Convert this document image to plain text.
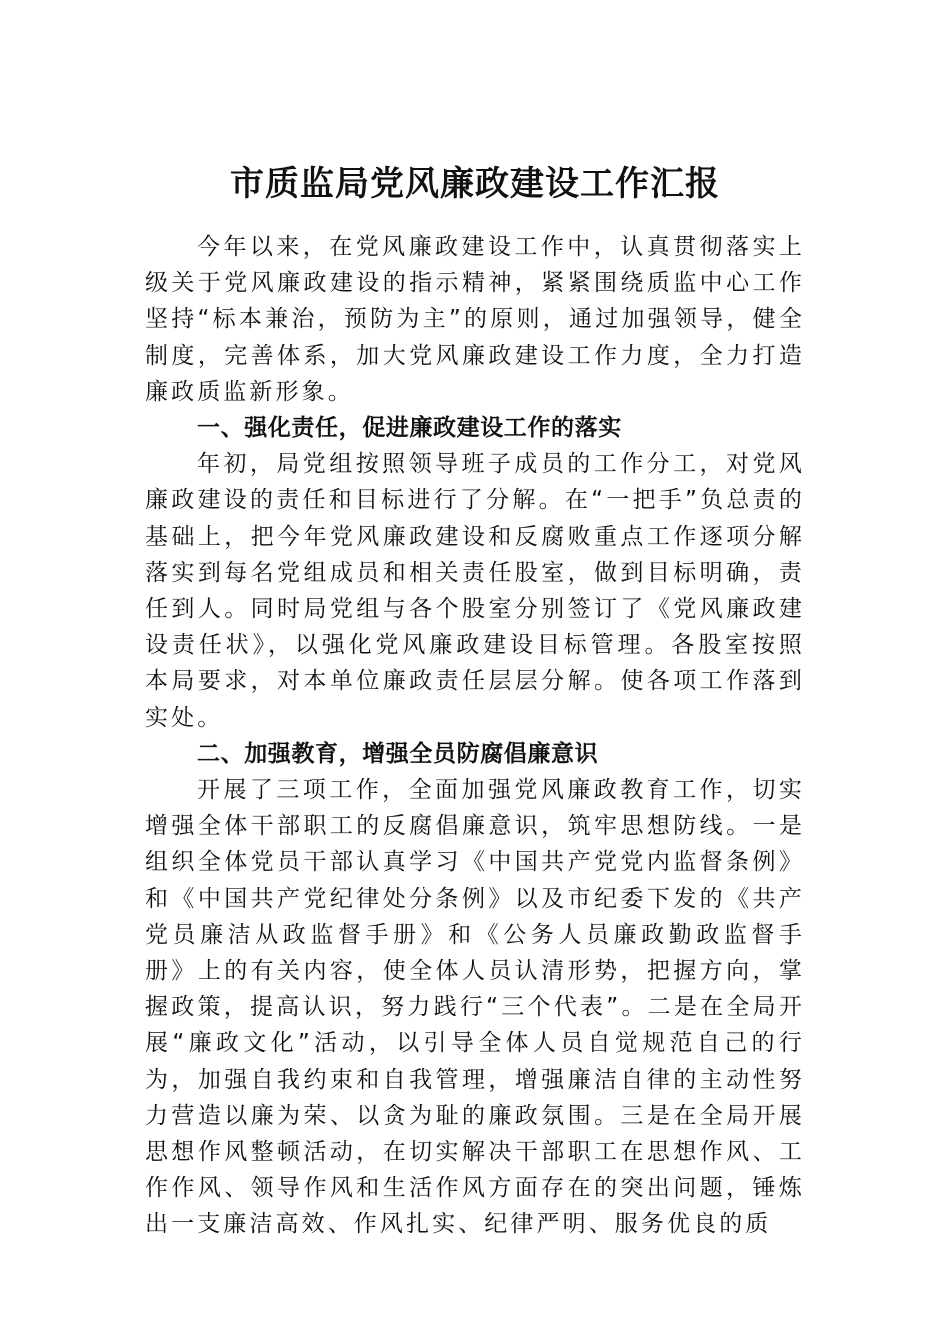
市质监局党风廉政建设工作汇报

今年以来，在党风廉政建设工作中，认真贯彻落实上级关于党风廉政建设的指示精神，紧紧围绕质监中心工作坚持“标本兼治，预防为主”的原则，通过加强领导，健全制度，完善体系，加大党风廉政建设工作力度，全力打造廉政质监新形象。

一、强化责任，促进廉政建设工作的落实

年初，局党组按照领导班子成员的工作分工，对党风廉政建设的责任和目标进行了分解。在“一把手”负总责的基础上，把今年党风廉政建设和反腐败重点工作逐项分解落实到每名党组成员和相关责任股室，做到目标明确，责任到人。同时局党组与各个股室分别签订了《党风廉政建设责任状》，以强化党风廉政建设目标管理。各股室按照本局要求，对本单位廉政责任层层分解。使各项工作落到实处。

二、加强教育，增强全员防腐倡廉意识

开展了三项工作，全面加强党风廉政教育工作，切实增强全体干部职工的反腐倡廉意识，筑牢思想防线。一是组织全体党员干部认真学习《中国共产党党内监督条例》和《中国共产党纪律处分条例》以及市纪委下发的《共产党员廉洁从政监督手册》和《公务人员廉政勤政监督手册》上的有关内容，使全体人员认清形势，把握方向，掌握政策，提高认识，努力践行“三个代表”。二是在全局开展“廉政文化”活动，以引导全体人员自觉规范自己的行为，加强自我约束和自我管理，增强廉洁自律的主动性努力营造以廉为荣、以贪为耻的廉政氛围。三是在全局开展思想作风整顿活动，在切实解决干部职工在思想作风、工作作风、领导作风和生活作风方面存在的突出问题，锤炼出一支廉洁高效、作风扎实、纪律严明、服务优良的质
